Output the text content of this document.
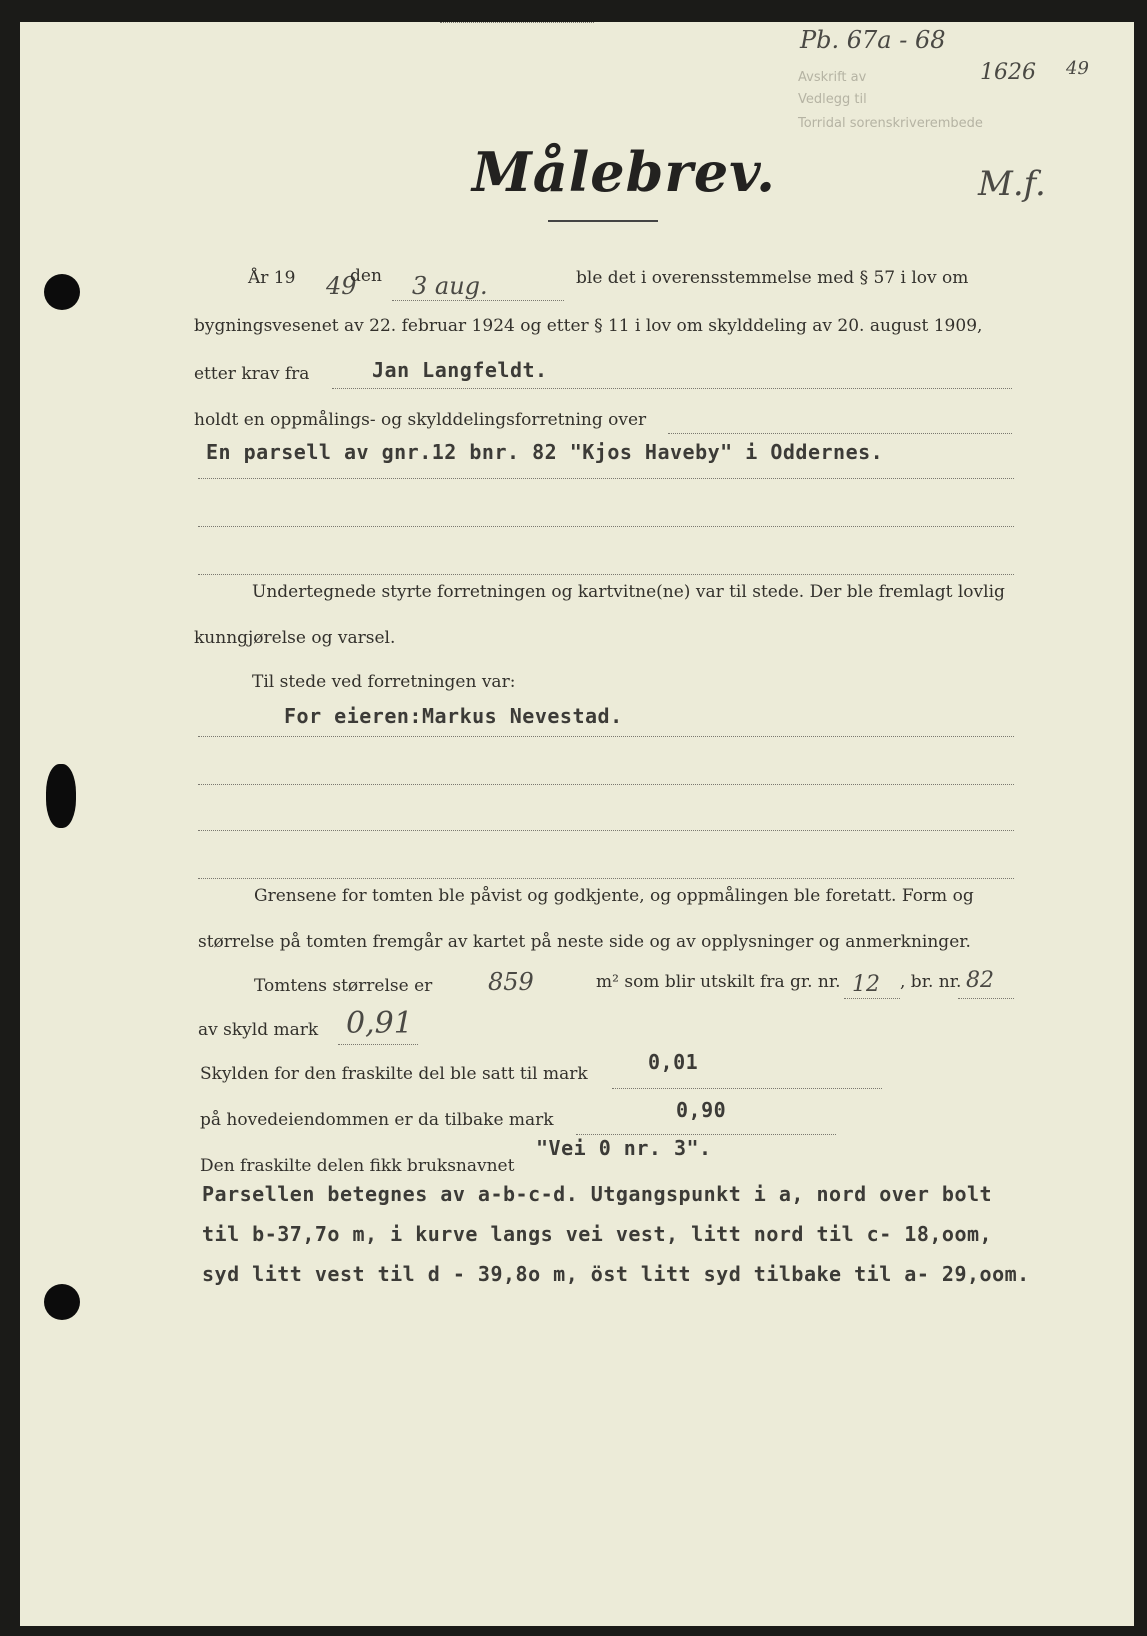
Pb. 67a - 68
1626 49
M.f.
Avskrift av
Vedlegg til
Torridal sorenskriverembede
Målebrev.
År 19 49
den 3 aug.	ble det i overensstemmelse med § 57 i lov om
bygningsvesenet av 22. februar 1924 og etter § 11 i lov om skylddeling av 20. august 1909,
etter krav fra	Jan Langfeldt.
holdt en oppmålings- og skylddelingsforretning over
En parsell av gnr.12 bnr. 82 "Kjos Haveby" i Oddernes.
Undertegnede styrte forretningen og kartvitne(ne) var til stede. Der ble fremlagt lovlig
kunngjørelse og varsel.
Til stede ved forretningen var:
For eieren:Markus Nevestad.
Grensene for tomten ble påvist og godkjente, og oppmålingen ble foretatt. Form og
størrelse på tomten fremgår av kartet på neste side og av opplysninger og anmerkninger.
Tomtens størrelse er 859	m² som blir utskilt fra gr. nr. 12 , br. nr. 82
av skyld mark 0,91
Skylden for den fraskilte del ble satt til mark	0,01
på hovedeiendommen er da tilbake mark	0,90
Den fraskilte delen fikk bruksnavnet
"Vei 0 nr. 3".
Parsellen betegnes av a-b-c-d. Utgangspunkt i a, nord over bolt
til b-37,7o m, i kurve langs vei vest, litt nord til c- 18,oom,
syd litt vest til d - 39,8o m, öst litt syd tilbake til a- 29,oom.
